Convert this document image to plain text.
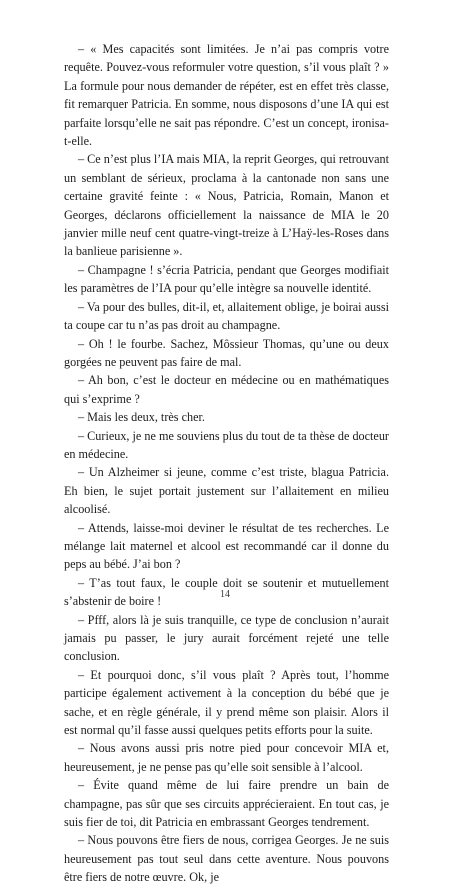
– « Mes capacités sont limitées. Je n’ai pas compris votre requête. Pouvez-vous reformuler votre question, s’il vous plaît ? » La formule pour nous demander de répéter, est en effet très classe, fit remarquer Patricia. En somme, nous disposons d’une IA qui est parfaite lorsqu’elle ne sait pas répondre. C’est un concept, ironisa-t-elle.

– Ce n’est plus l’IA mais MIA, la reprit Georges, qui retrouvant un semblant de sérieux, proclama à la cantonade non sans une certaine gravité feinte : « Nous, Patricia, Romain, Manon et Georges, déclarons officiellement la naissance de MIA le 20 janvier mille neuf cent quatre-vingt-treize à L’Haÿ-les-Roses dans la banlieue parisienne ».

– Champagne ! s’écria Patricia, pendant que Georges modifiait les paramètres de l’IA pour qu’elle intègre sa nouvelle identité.

– Va pour des bulles, dit-il, et, allaitement oblige, je boirai aussi ta coupe car tu n’as pas droit au champagne.

– Oh ! le fourbe. Sachez, Môssieur Thomas, qu’une ou deux gorgées ne peuvent pas faire de mal.

– Ah bon, c’est le docteur en médecine ou en mathématiques qui s’exprime ?

– Mais les deux, très cher.

– Curieux, je ne me souviens plus du tout de ta thèse de docteur en médecine.

– Un Alzheimer si jeune, comme c’est triste, blagua Patricia. Eh bien, le sujet portait justement sur l’allaitement en milieu alcoolisé.

– Attends, laisse-moi deviner le résultat de tes recherches. Le mélange lait maternel et alcool est recommandé car il donne du peps au bébé. J’ai bon ?

– T’as tout faux, le couple doit se soutenir et mutuellement s’abstenir de boire !

– Pfff, alors là je suis tranquille, ce type de conclusion n’aurait jamais pu passer, le jury aurait forcément rejeté une telle conclusion.

– Et pourquoi donc, s’il vous plaît ? Après tout, l’homme participe également activement à la conception du bébé que je sache, et en règle générale, il y prend même son plaisir. Alors il est normal qu’il fasse aussi quelques petits efforts pour la suite.

– Nous avons aussi pris notre pied pour concevoir MIA et, heureusement, je ne pense pas qu’elle soit sensible à l’alcool.

– Évite quand même de lui faire prendre un bain de champagne, pas sûr que ses circuits apprécieraient. En tout cas, je suis fier de toi, dit Patricia en embrassant Georges tendrement.

– Nous pouvons être fiers de nous, corrigea Georges. Je ne suis heureusement pas tout seul dans cette aventure. Nous pouvons être fiers de notre œuvre. Ok, je

14
